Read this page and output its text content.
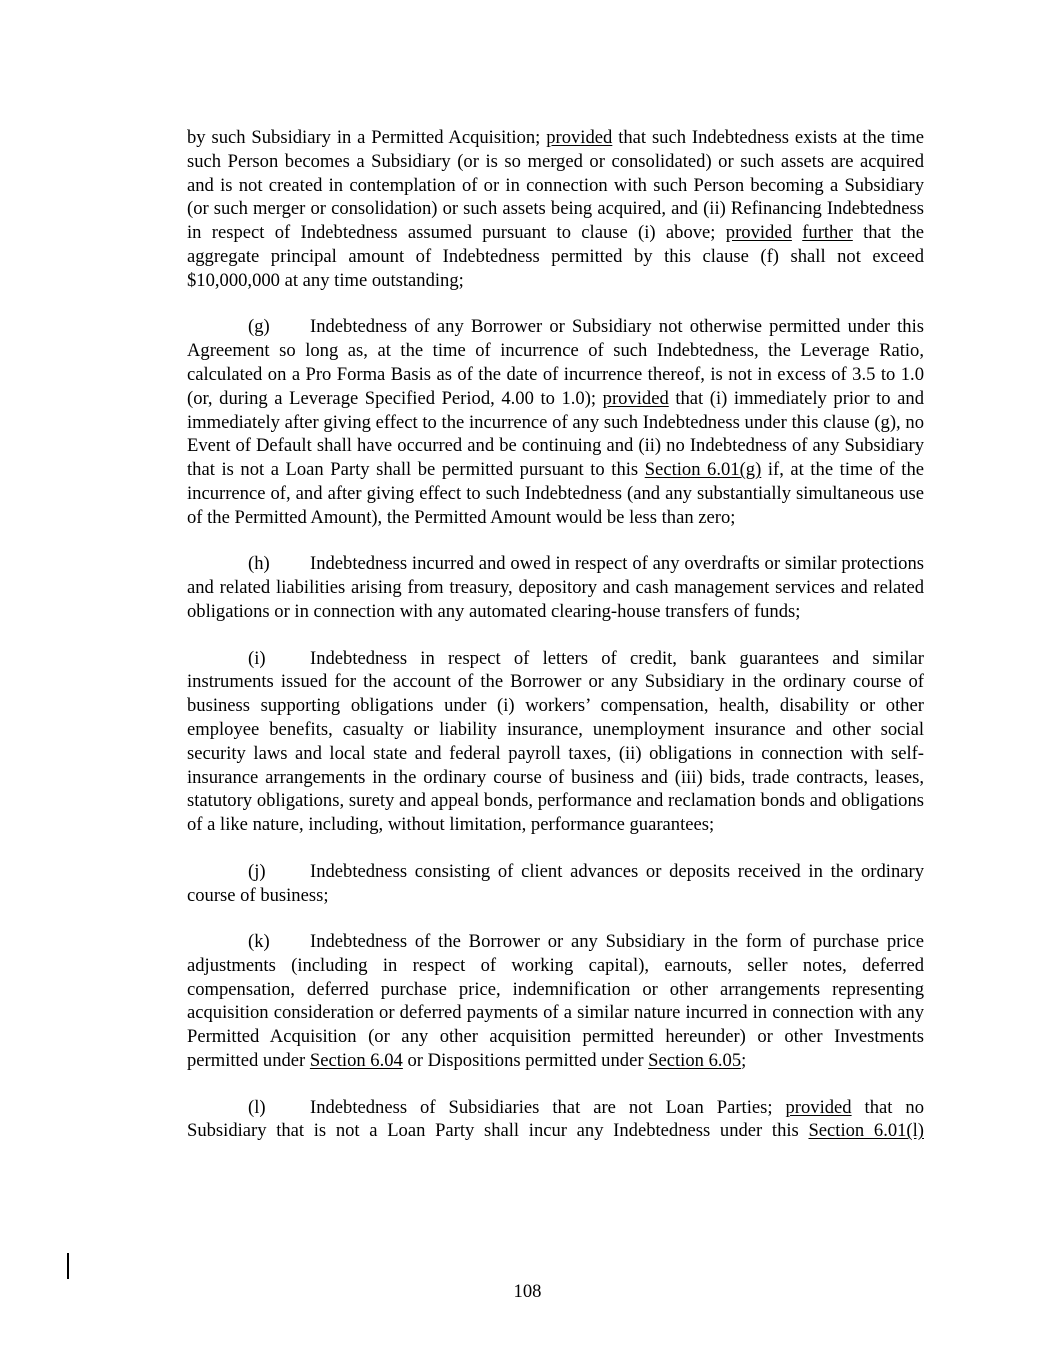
by such Subsidiary in a Permitted Acquisition; provided that such Indebtedness exists at the time such Person becomes a Subsidiary (or is so merged or consolidated) or such assets are acquired and is not created in contemplation of or in connection with such Person becoming a Subsidiary (or such merger or consolidation) or such assets being acquired, and (ii) Refinancing Indebtedness in respect of Indebtedness assumed pursuant to clause (i) above; provided further that the aggregate principal amount of Indebtedness permitted by this clause (f) shall not exceed $10,000,000 at any time outstanding;

(g) Indebtedness of any Borrower or Subsidiary not otherwise permitted under this Agreement so long as, at the time of incurrence of such Indebtedness, the Leverage Ratio, calculated on a Pro Forma Basis as of the date of incurrence thereof, is not in excess of 3.5 to 1.0 (or, during a Leverage Specified Period, 4.00 to 1.0); provided that (i) immediately prior to and immediately after giving effect to the incurrence of any such Indebtedness under this clause (g), no Event of Default shall have occurred and be continuing and (ii) no Indebtedness of any Subsidiary that is not a Loan Party shall be permitted pursuant to this Section 6.01(g) if, at the time of the incurrence of, and after giving effect to such Indebtedness (and any substantially simultaneous use of the Permitted Amount), the Permitted Amount would be less than zero;

(h) Indebtedness incurred and owed in respect of any overdrafts or similar protections and related liabilities arising from treasury, depository and cash management services and related obligations or in connection with any automated clearing-house transfers of funds;

(i) Indebtedness in respect of letters of credit, bank guarantees and similar instruments issued for the account of the Borrower or any Subsidiary in the ordinary course of business supporting obligations under (i) workers’ compensation, health, disability or other employee benefits, casualty or liability insurance, unemployment insurance and other social security laws and local state and federal payroll taxes, (ii) obligations in connection with self-insurance arrangements in the ordinary course of business and (iii) bids, trade contracts, leases, statutory obligations, surety and appeal bonds, performance and reclamation bonds and obligations of a like nature, including, without limitation, performance guarantees;

(j) Indebtedness consisting of client advances or deposits received in the ordinary course of business;

(k) Indebtedness of the Borrower or any Subsidiary in the form of purchase price adjustments (including in respect of working capital), earnouts, seller notes, deferred compensation, deferred purchase price, indemnification or other arrangements representing acquisition consideration or deferred payments of a similar nature incurred in connection with any Permitted Acquisition (or any other acquisition permitted hereunder) or other Investments permitted under Section 6.04 or Dispositions permitted under Section 6.05;

(l) Indebtedness of Subsidiaries that are not Loan Parties; provided that no Subsidiary that is not a Loan Party shall incur any Indebtedness under this Section 6.01(l)

108
